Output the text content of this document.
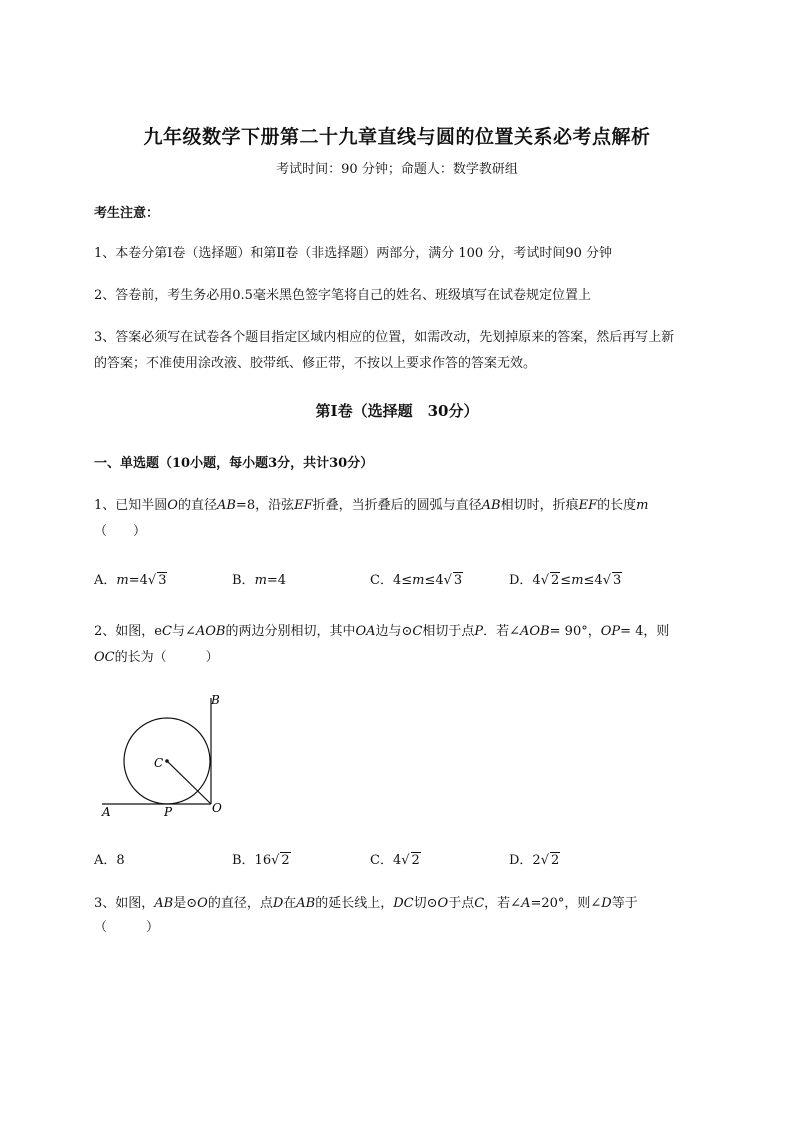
九年级数学下册第二十九章直线与圆的位置关系必考点解析
考试时间：90 分钟；命题人：数学教研组
考生注意：
1、本卷分第Ⅰ卷（选择题）和第Ⅱ卷（非选择题）两部分，满分 100 分，考试时间90 分钟
2、答卷前，考生务必用0.5毫米黑色签字笔将自己的姓名、班级填写在试卷规定位置上
3、答案必须写在试卷各个题目指定区域内相应的位置，如需改动，先划掉原来的答案，然后再写上新
的答案；不准使用涂改液、胶带纸、修正带，不按以上要求作答的答案无效。
第Ⅰ卷（选择题　30分）
一、单选题（10小题，每小题3分，共计30分）
1、已知半圆O的直径AB=8，沿弦EF折叠，当折叠后的圆弧与直径AB相切时，折痕EF的长度m
（　　）
A．m=4√ 3	B．m=4	C．4≤m≤4√ 3	D．4√ 2≤m≤4√ 3
2、如图，eC与∠AOB的两边分别相切，其中OA边与⊙C相切于点P．若∠AOB= 90°，OP= 4，则
OC的长为（　　　）
B
C
O
A	P
A．8	B．16√ 2	C．4√ 2	D．2√ 2
3、如图，AB是⊙O的直径，点D在AB的延长线上，DC切⊙O于点C，若∠A=20°，则∠D等于
（　　　）
